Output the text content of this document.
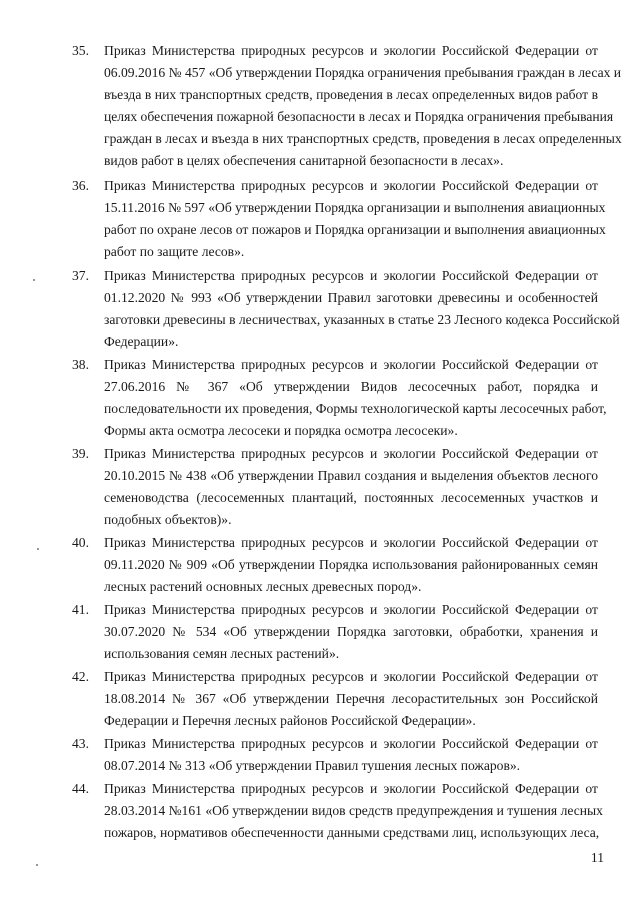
35.	Приказ Министерства природных ресурсов и экологии Российской Федерации от
06.09.2016 № 457 «Об утверждении Порядка ограничения пребывания граждан в лесах и
въезда в них транспортных средств, проведения в лесах определенных видов работ в
целях обеспечения пожарной безопасности в лесах и Порядка ограничения пребывания
граждан в лесах и въезда в них транспортных средств, проведения в лесах определенных
видов работ в целях обеспечения санитарной безопасности в лесах».
36.	Приказ Министерства природных ресурсов и экологии Российской Федерации от
15.11.2016 № 597 «Об утверждении Порядка организации и выполнения авиационных
работ по охране лесов от пожаров и Порядка организации и выполнения авиационных
работ по защите лесов».
37.	Приказ Министерства природных ресурсов и экологии Российской Федерации от
01.12.2020 № 993 «Об утверждении Правил заготовки древесины и особенностей
заготовки древесины в лесничествах, указанных в статье 23 Лесного кодекса Российской
Федерации».
38.	Приказ Министерства природных ресурсов и экологии Российской Федерации от
27.06.2016 № 367 «Об утверждении Видов лесосечных работ, порядка и
последовательности их проведения, Формы технологической карты лесосечных работ,
Формы акта осмотра лесосеки и порядка осмотра лесосеки».
39.	Приказ Министерства природных ресурсов и экологии Российской Федерации от
20.10.2015 № 438 «Об утверждении Правил создания и выделения объектов лесного
семеноводства (лесосеменных плантаций, постоянных лесосеменных участков и
подобных объектов)».
40.	Приказ Министерства природных ресурсов и экологии Российской Федерации от
09.11.2020 № 909 «Об утверждении Порядка использования районированных семян
лесных растений основных лесных древесных пород».
41.	Приказ Министерства природных ресурсов и экологии Российской Федерации от
30.07.2020 № 534 «Об утверждении Порядка заготовки, обработки, хранения и
использования семян лесных растений».
42.	Приказ Министерства природных ресурсов и экологии Российской Федерации от
18.08.2014 № 367 «Об утверждении Перечня лесорастительных зон Российской
Федерации и Перечня лесных районов Российской Федерации».
43.	Приказ Министерства природных ресурсов и экологии Российской Федерации от
08.07.2014 № 313 «Об утверждении Правил тушения лесных пожаров».
44.	Приказ Министерства природных ресурсов и экологии Российской Федерации от
28.03.2014 №161 «Об утверждении видов средств предупреждения и тушения лесных
пожаров, нормативов обеспеченности данными средствами лиц, использующих леса,
11
